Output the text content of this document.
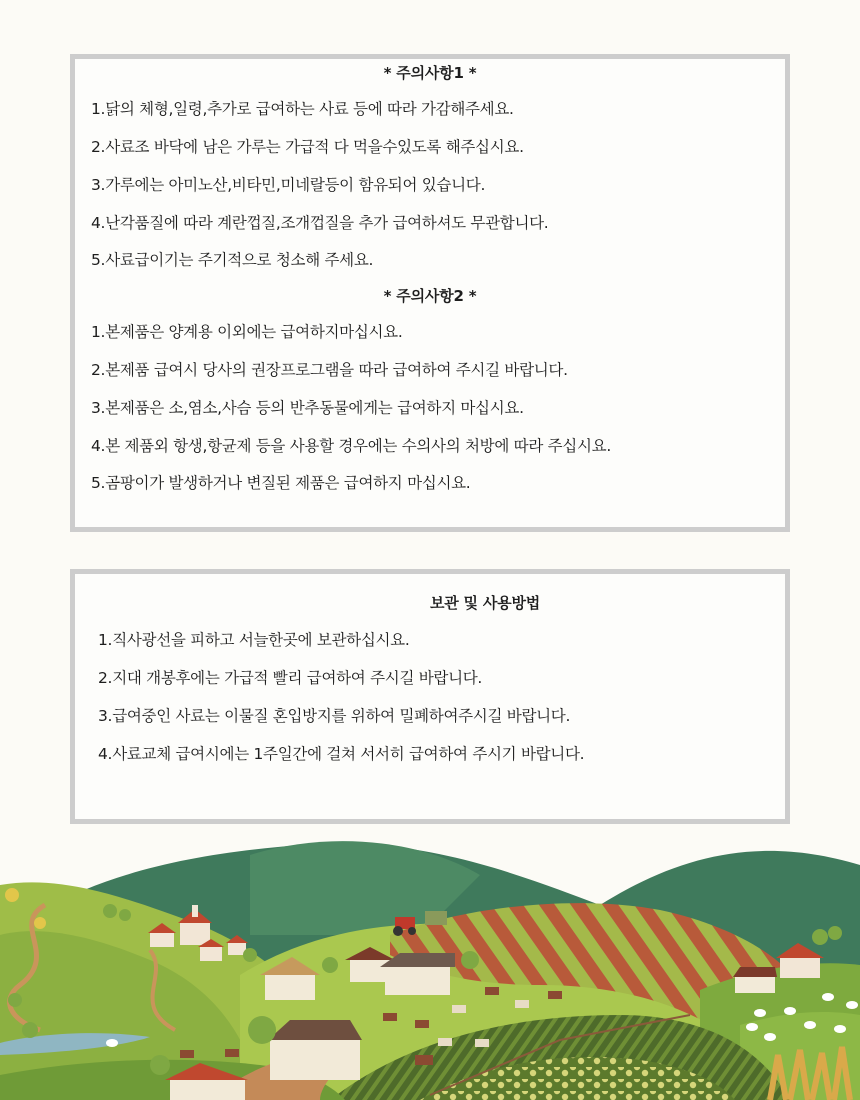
* 주의사항1 *
1.닭의 체형,일령,추가로 급여하는 사료 등에 따라 가감해주세요.
2.사료조 바닥에 남은 가루는 가급적 다 먹을수있도록 해주십시요.
3.가루에는 아미노산,비타민,미네랄등이 함유되어 있습니다.
4.난각품질에 따라 계란껍질,조개껍질을 추가 급여하셔도 무관합니다.
5.사료급이기는 주기적으로 청소해 주세요.
* 주의사항2 *
1.본제품은 양계용 이외에는 급여하지마십시요.
2.본제품 급여시 당사의 권장프로그램을 따라 급여하여 주시길 바랍니다.
3.본제품은 소,염소,사슴 등의 반추동물에게는 급여하지 마십시요.
4.본 제품외 항생,항균제 등을 사용할 경우에는 수의사의 처방에 따라 주십시요.
5.곰팡이가 발생하거나 변질된 제품은 급여하지 마십시요.
보관 및 사용방법
1.직사광선을 피하고 서늘한곳에 보관하십시요.
2.지대 개봉후에는 가급적 빨리 급여하여 주시길 바랍니다.
3.급여중인 사료는 이물질 혼입방지를 위하여 밀폐하여주시길 바랍니다.
4.사료교체 급여시에는 1주일간에 걸쳐 서서히 급여하여 주시기 바랍니다.
